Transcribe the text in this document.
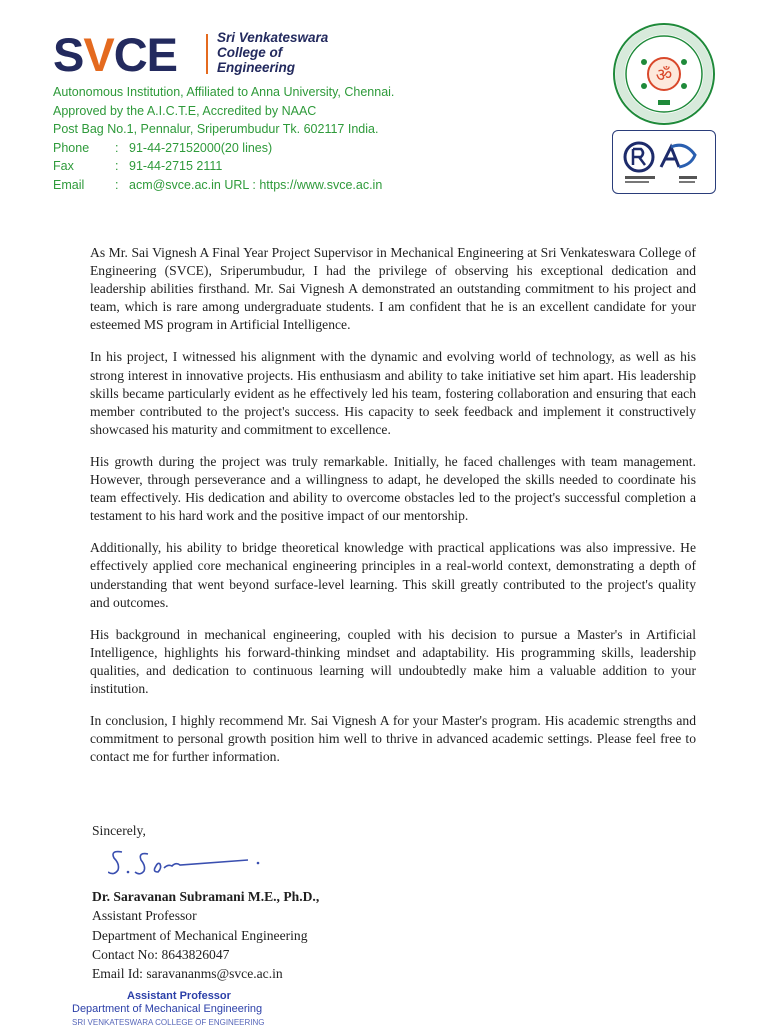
SVCE	Sri Venkateswara
College of
Engineering
Autonomous Institution, Affiliated to Anna University, Chennai.
Approved by the A.I.C.T.E, Accredited by NAAC
Post Bag No.1, Pennalur, Sriperumbudur Tk. 602117 India.
Phone	: 91-44-27152000(20 lines)
Fax	: 91-44-2715 2111
Email	: acm@svce.ac.in URL : https://www.svce.ac.in
ॐ

As Mr. Sai Vignesh A Final Year Project Supervisor in Mechanical Engineering at Sri Venkateswara College of Engineering (SVCE), Sriperumbudur, I had the privilege of observing his exceptional dedication and leadership abilities firsthand. Mr. Sai Vignesh A demonstrated an outstanding commitment to his project and team, which is rare among undergraduate students. I am confident that he is an excellent candidate for your esteemed MS program in Artificial Intelligence.

In his project, I witnessed his alignment with the dynamic and evolving world of technology, as well as his strong interest in innovative projects. His enthusiasm and ability to take initiative set him apart. His leadership skills became particularly evident as he effectively led his team, fostering collaboration and ensuring that each member contributed to the project's success. His capacity to seek feedback and implement it constructively showcased his maturity and commitment to excellence.

His growth during the project was truly remarkable. Initially, he faced challenges with team management. However, through perseverance and a willingness to adapt, he developed the skills needed to coordinate his team effectively. His dedication and ability to overcome obstacles led to the project's successful completion a testament to his hard work and the positive impact of our mentorship.

Additionally, his ability to bridge theoretical knowledge with practical applications was also impressive. He effectively applied core mechanical engineering principles in a real-world context, demonstrating a depth of understanding that went beyond surface-level learning. This skill greatly contributed to the project's quality and outcomes.

His background in mechanical engineering, coupled with his decision to pursue a Master's in Artificial Intelligence, highlights his forward-thinking mindset and adaptability. His programming skills, leadership qualities, and dedication to continuous learning will undoubtedly make him a valuable addition to your institution.

In conclusion, I highly recommend Mr. Sai Vignesh A for your Master's program. His academic strengths and commitment to personal growth position him well to thrive in advanced academic settings. Please feel free to contact me for further information.

Sincerely,
Dr. Saravanan Subramani M.E., Ph.D.,
Assistant Professor
Department of Mechanical Engineering
Contact No: 8643826047
Email Id: saravananms@svce.ac.in
Assistant Professor
Department of Mechanical Engineering
SRI VENKATESWARA COLLEGE OF ENGINEERING
